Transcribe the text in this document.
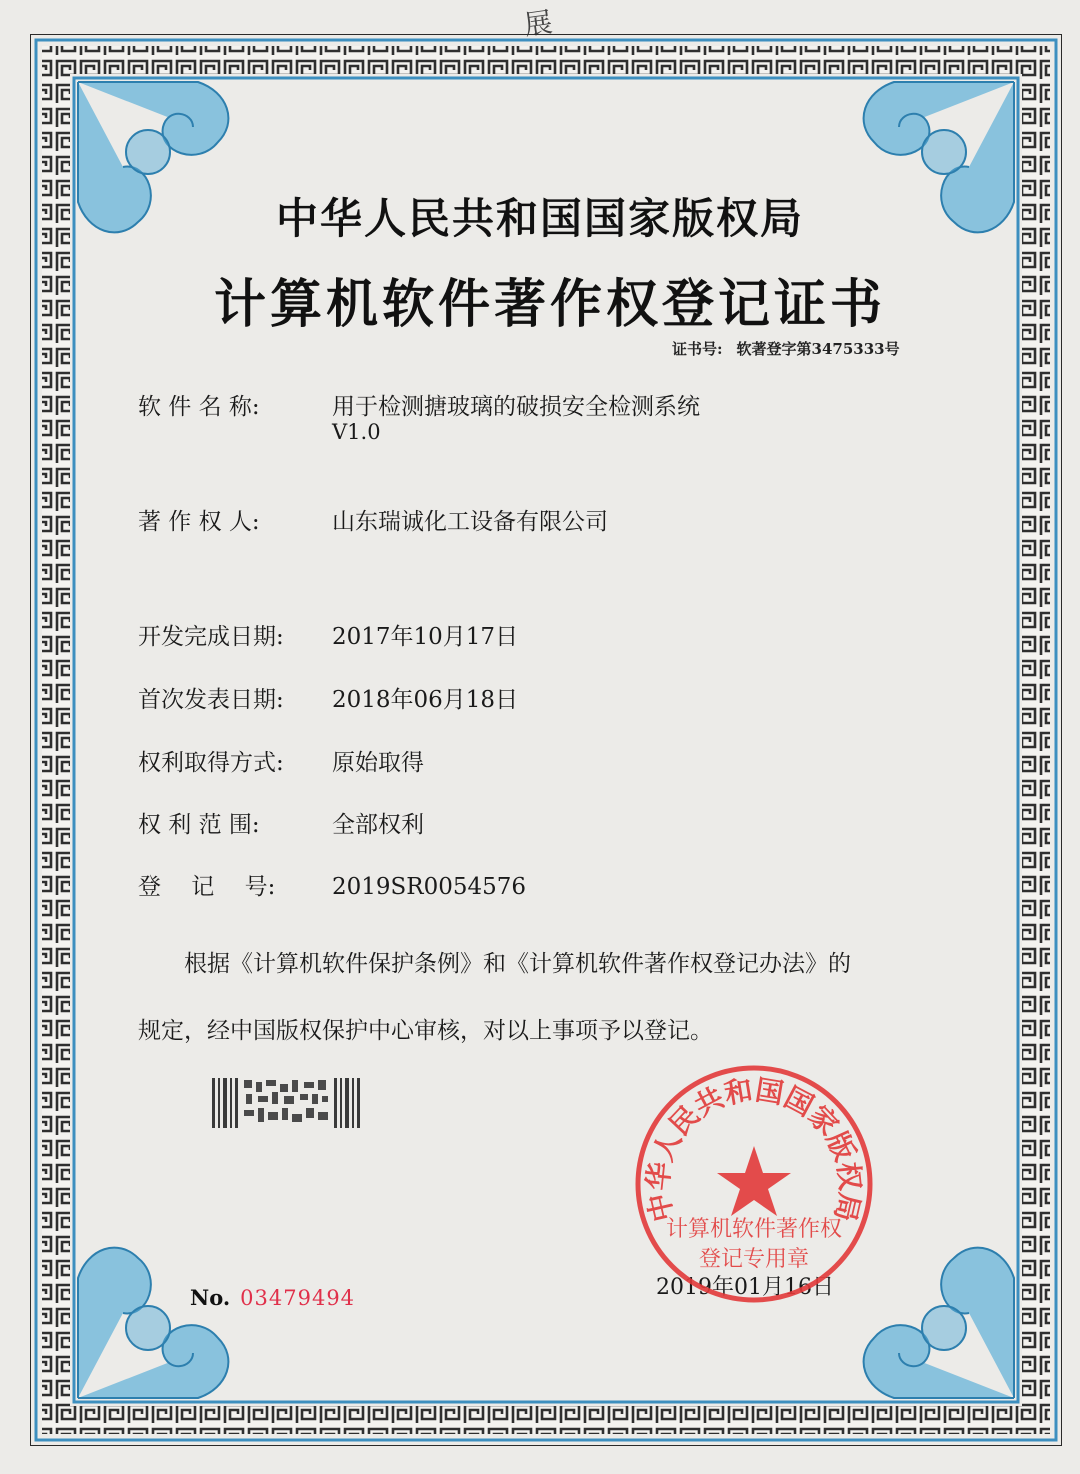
展
中华人民共和国国家版权局
计算机软件著作权登记证书
证书号: 软著登字第3475333号
软 件 名 称:	用于检测搪玻璃的破损安全检测系统
V1.0
著 作 权 人:	山东瑞诚化工设备有限公司
开发完成日期: 2017年10月17日
首次发表日期: 2018年06月18日
权利取得方式: 原始取得
权 利 范 围:	全部权利
登　 记　 号: 2019SR0054576
根据《计算机软件保护条例》和《计算机软件著作权登记办法》的
规定，经中国版权保护中心审核，对以上事项予以登记。
No. 03479494	2019年01月16日
中华人民共和国国家版权局
计算机软件著作权
登记专用章
